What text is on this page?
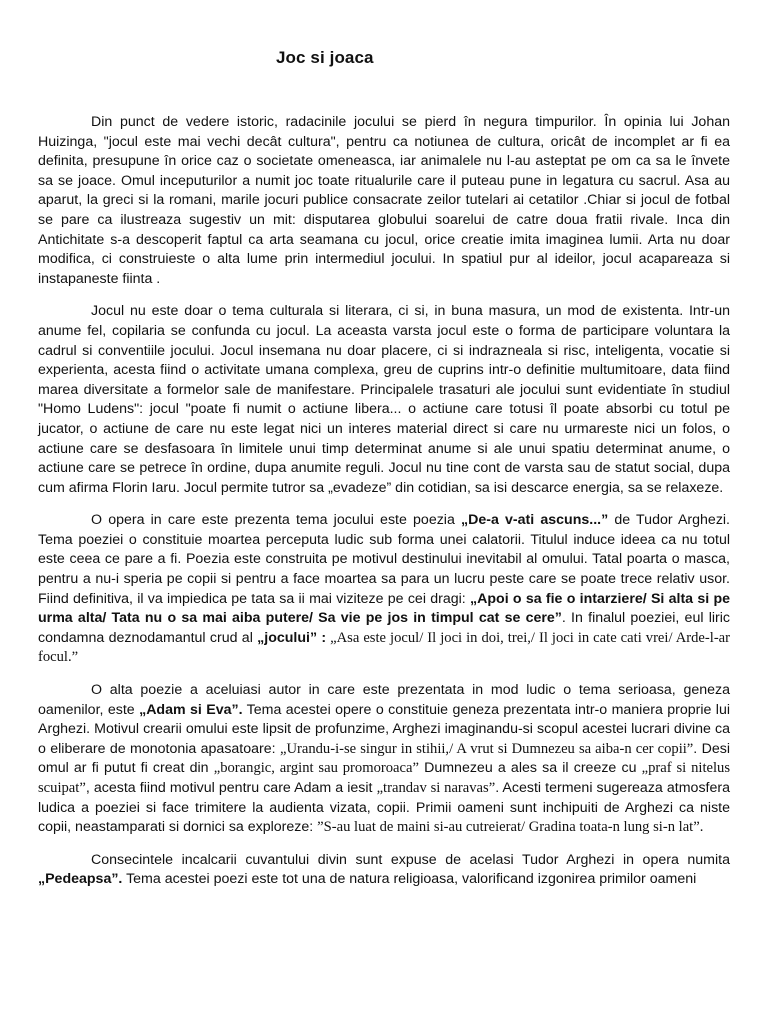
Joc si joaca

Din punct de vedere istoric, radacinile jocului se pierd în negura timpurilor. În opinia lui Johan Huizinga, "jocul este mai vechi decât cultura", pentru ca notiunea de cultura, oricât de incomplet ar fi ea definita, presupune în orice caz o societate omeneasca, iar animalele nu l-au asteptat pe om ca sa le învete sa se joace. Omul inceputurilor a numit joc toate ritualurile care il puteau pune in legatura cu sacrul. Asa au aparut, la greci si la romani, marile jocuri publice consacrate zeilor tutelari ai cetatilor .Chiar si jocul de fotbal se pare ca ilustreaza sugestiv un mit: disputarea globului soarelui de catre doua fratii rivale. Inca din Antichitate s-a descoperit faptul ca arta seamana cu jocul, orice creatie imita imaginea lumii. Arta nu doar modifica, ci construieste o alta lume prin intermediul jocului. In spatiul pur al ideilor, jocul acapareaza si instapaneste fiinta .

Jocul nu este doar o tema culturala si literara, ci si, in buna masura, un mod de existenta. Intr-un anume fel, copilaria se confunda cu jocul. La aceasta varsta jocul este o forma de participare voluntara la cadrul si conventiile jocului. Jocul insemana nu doar placere, ci si indrazneala si risc, inteligenta, vocatie si experienta, acesta fiind o activitate umana complexa, greu de cuprins intr-o definitie multumitoare, data fiind marea diversitate a formelor sale de manifestare. Principalele trasaturi ale jocului sunt evidentiate în studiul "Homo Ludens": jocul "poate fi numit o actiune libera... o actiune care totusi îl poate absorbi cu totul pe jucator, o actiune de care nu este legat nici un interes material direct si care nu urmareste nici un folos, o actiune care se desfasoara în limitele unui timp determinat anume si ale unui spatiu determinat anume, o actiune care se petrece în ordine, dupa anumite reguli. Jocul nu tine cont de varsta sau de statut social, dupa cum afirma Florin Iaru. Jocul permite tutror sa „evadeze” din cotidian, sa isi descarce energia, sa se relaxeze.

O opera in care este prezenta tema jocului este poezia „De-a v-ati ascuns...” de Tudor Arghezi. Tema poeziei o constituie moartea perceputa ludic sub forma unei calatorii. Titulul induce ideea ca nu totul este ceea ce pare a fi. Poezia este construita pe motivul destinului inevitabil al omului. Tatal poarta o masca, pentru a nu-i speria pe copii si pentru a face moartea sa para un lucru peste care se poate trece relativ usor. Fiind definitiva, il va impiedica pe tata sa ii mai viziteze pe cei dragi: „Apoi o sa fie o intarziere/ Si alta si pe urma alta/ Tata nu o sa mai aiba putere/ Sa vie pe jos in timpul cat se cere”. In finalul poeziei, eul liric condamna deznodamantul crud al „jocului” : „Asa este jocul/ Il joci in doi, trei,/ Il joci in cate cati vrei/ Arde-l-ar focul.”

O alta poezie a aceluiasi autor in care este prezentata in mod ludic o tema serioasa, geneza oamenilor, este „Adam si Eva”. Tema acestei opere o constituie geneza prezentata intr-o maniera proprie lui Arghezi. Motivul crearii omului este lipsit de profunzime, Arghezi imaginandu-si scopul acestei lucrari divine ca o eliberare de monotonia apasatoare: „Urandu-i-se singur in stihii,/ A vrut si Dumnezeu sa aiba-n cer copii”. Desi omul ar fi putut fi creat din „borangic, argint sau promoroaca” Dumnezeu a ales sa il creeze cu „praf si nitelus scuipat”, acesta fiind motivul pentru care Adam a iesit „trandav si naravas”. Acesti termeni sugereaza atmosfera ludica a poeziei si face trimitere la audienta vizata, copii. Primii oameni sunt inchipuiti de Arghezi ca niste copii, neastamparati si dornici sa exploreze: ”S-au luat de maini si-au cutreierat/ Gradina toata-n lung si-n lat”.

Consecintele incalcarii cuvantului divin sunt expuse de acelasi Tudor Arghezi in opera numita „Pedeapsa”. Tema acestei poezi este tot una de natura religioasa, valorificand izgonirea primilor oameni
